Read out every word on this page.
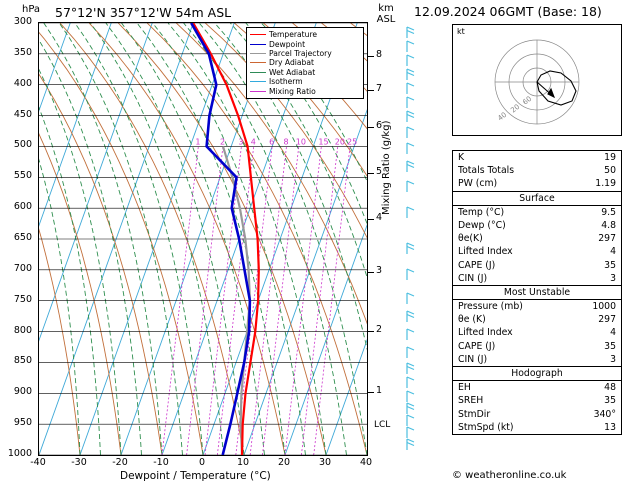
hPa 57°12'N 357°12'W 54m ASL	km
ASL
12.09.2024 06GMT (Base: 18)
1 2 3 4 6 8 10 15 20 25
300
350
400
450
500
550
600
650
700
750
800
850
900
950
1000
-40	-30	-20	-10	0	10	20	30	40
Dewpoint / Temperature (°C)
Temperature
Dewpoint
Parcel Trajectory
Dry Adiabat
Wet Adiabat
Isotherm
Mixing Ratio
1
2
3
4
5
6
7
8
LCL
Mixing Ratio (g/kg)
kt
20
40
60
K	19
Totals Totals	50
PW (cm)	1.19
Surface
Temp (°C)	9.5
Dewp (°C)	4.8
θe(K)	297
Lifted Index	4
CAPE (J)	35
CIN (J)	3
Most Unstable
Pressure (mb)	1000
θe (K)	297
Lifted Index	4
CAPE (J)	35
CIN (J)	3
Hodograph
EH	48
SREH	35
StmDir	340°
StmSpd (kt)	13
© weatheronline.co.uk
